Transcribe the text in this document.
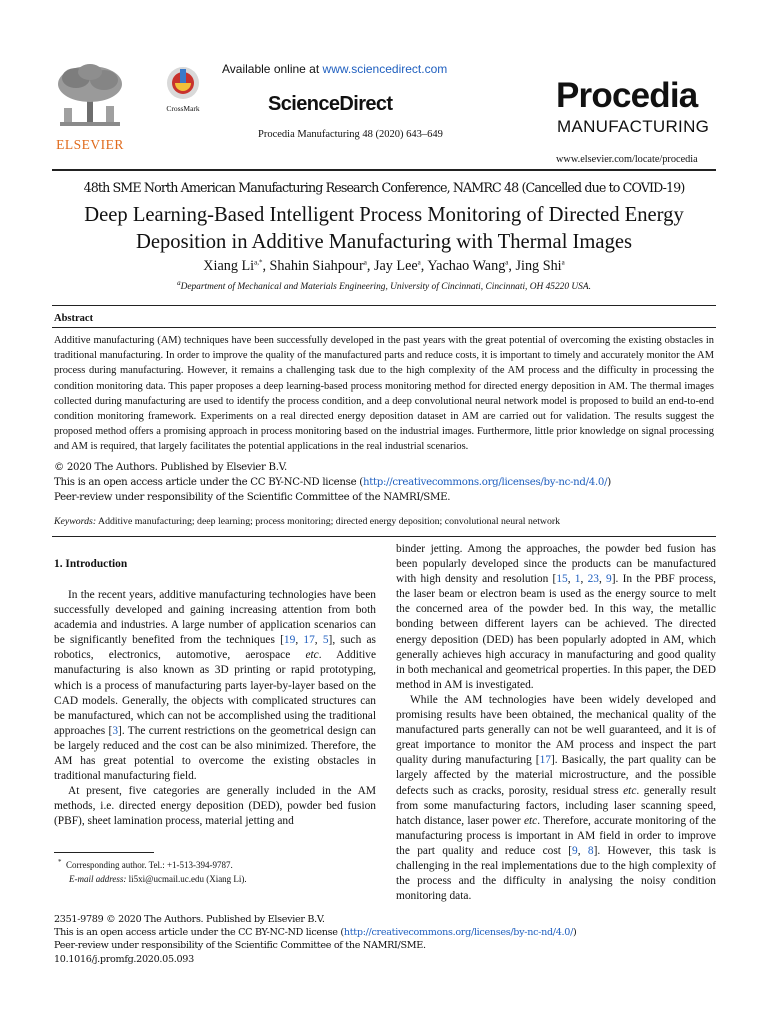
ELSEVIER
CrossMark
Available online at www.sciencedirect.com
ScienceDirect
Procedia Manufacturing 48 (2020) 643–649
Procedia
MANUFACTURING
www.elsevier.com/locate/procedia
48th SME North American Manufacturing Research Conference, NAMRC 48 (Cancelled due to COVID-19)
Deep Learning-Based Intelligent Process Monitoring of Directed Energy
Deposition in Additive Manufacturing with Thermal Images
Xiang $Li^{a,*}$, Shahin Siahpour$^a$, Jay Lee$^a$, Yachao Wang$^a$, Jing Shi$^a$
$^a$Department of Mechanical and Materials Engineering, University of Cincinnati, Cincinnati, OH 45220 USA.
Abstract

Additive manufacturing (AM) techniques have been successfully developed in the past years with the great potential of overcoming the existing obstacles in traditional manufacturing. In order to improve the quality of the manufactured parts and reduce costs, it is important to timely and accurately monitor the AM process during manufacturing. However, it remains a challenging task due to the high complexity of the AM process and the difficulty in processing the condition monitoring data. This paper proposes a deep learning-based process monitoring method for directed energy deposition in AM. The thermal images collected during manufacturing are used to identify the process condition, and a deep convolutional neural network model is proposed to build an end-to-end condition monitoring framework. Experiments on a real directed energy deposition dataset in AM are carried out for validation. The results suggest the proposed method offers a promising approach in process monitoring based on the industrial images. Furthermore, little prior knowledge on signal processing and AM is required, that largely facilitates the potential applications in the real industrial scenarios.

© 2020 The Authors. Published by Elsevier B.V.
This is an open access article under the CC BY-NC-ND license (http://creativecommons.org/licenses/by-nc-nd/4.0/)
Peer-review under responsibility of the Scientific Committee of the NAMRI/SME.
Keywords: Additive manufacturing; deep learning; process monitoring; directed energy deposition; convolutional neural network
1. Introduction

In the recent years, additive manufacturing technologies have been successfully developed and gaining increasing attention from both academia and industries. A large number of application scenarios can be significantly benefited from the techniques [19, 17, 5], such as robotics, electronics, automotive, aerospace etc. Additive manufacturing is also known as 3D printing or rapid prototyping, which is a process of manufacturing parts layer-by-layer based on the CAD models. Generally, the objects with complicated structures can be manufactured, which can not be accomplished using the traditional approaches [3]. The current restrictions on the geometrical design can be largely reduced and the cost can be also minimized. Therefore, the AM has great potential to overcome the existing obstacles in traditional manufacturing field.

At present, five categories are generally included in the AM methods, i.e. directed energy deposition (DED), powder bed fusion (PBF), sheet lamination process, material jetting and

* Corresponding author. Tel.: +1-513-394-9787.
E-mail address: li5xi@ucmail.uc.edu (Xiang Li).

binder jetting. Among the approaches, the powder bed fusion has been popularly developed since the products can be manufactured with high density and resolution [15, 1, 23, 9]. In the PBF process, the laser beam or electron beam is used as the energy source to melt the concerned area of the powder bed. In this way, the metallic bonding between different layers can be achieved. The directed energy deposition (DED) has been popularly adopted in AM, which generally achieves high accuracy in manufacturing and good quality in both mechanical and geometrical properties. In this paper, the DED method in AM is investigated.

While the AM technologies have been widely developed and promising results have been obtained, the mechanical quality of the manufactured parts generally can not be well guaranteed, and it is of great importance to monitor the AM process and inspect the part quality during manufacturing [17]. Basically, the part quality can be largely affected by the material microstructure, and the possible defects such as cracks, porosity, residual stress etc. generally result from some manufacturing factors, including laser scanning speed, hatch distance, laser power etc. Therefore, accurate monitoring of the manufacturing process is important in AM field in order to improve the part quality and reduce cost [9, 8]. However, this task is challenging in the real implementations due to the high complexity of the process and the difficulty in analysing the noisy condition monitoring data.

2351-9789 © 2020 The Authors. Published by Elsevier B.V.
This is an open access article under the CC BY-NC-ND license (http://creativecommons.org/licenses/by-nc-nd/4.0/)
Peer-review under responsibility of the Scientific Committee of the NAMRI/SME.
10.1016/j.promfg.2020.05.093
